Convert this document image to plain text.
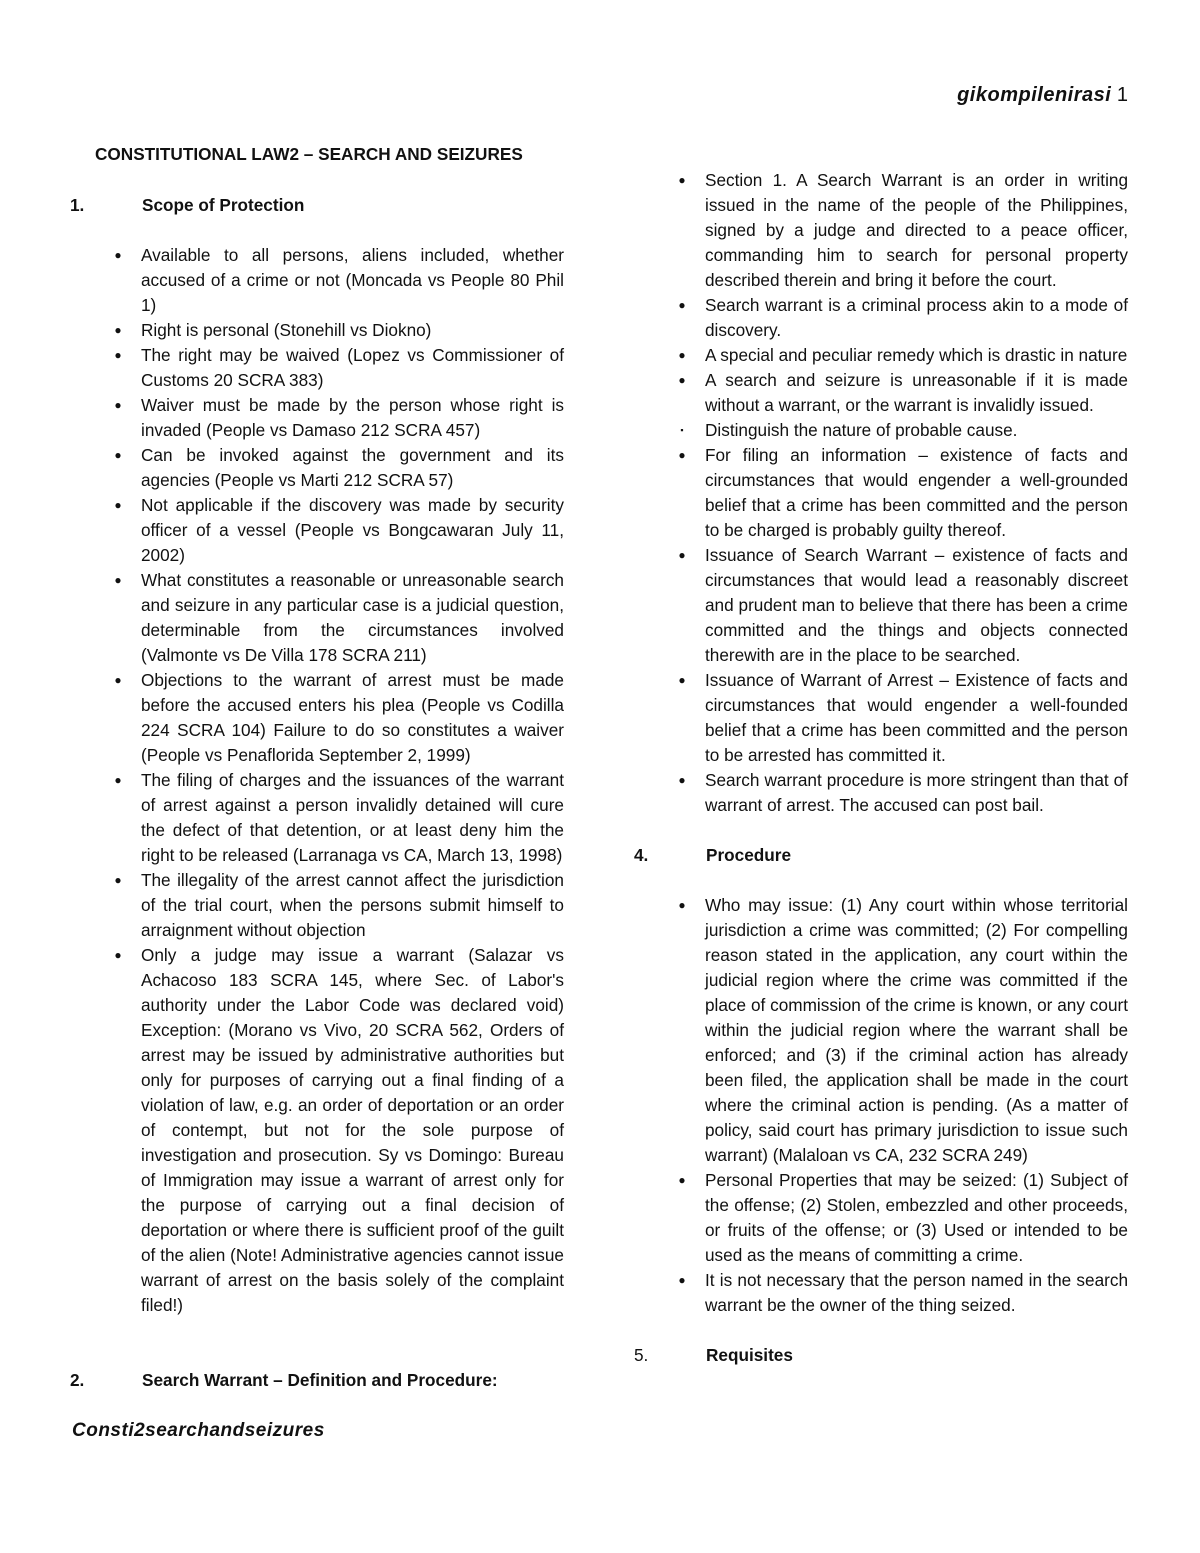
gikompilenirasi 1
CONSTITUTIONAL LAW2 – SEARCH AND SEIZURES
1.	Scope of Protection
●	Available to all persons, aliens included, whether accused of a crime or not (Moncada vs People 80 Phil 1)
●	Right is personal (Stonehill vs Diokno)
●	The right may be waived (Lopez vs Commissioner of Customs 20 SCRA 383)
●	Waiver must be made by the person whose right is invaded (People vs Damaso 212 SCRA 457)
●	Can be invoked against the government and its agencies (People vs Marti 212 SCRA 57)
●	Not applicable if the discovery was made by security officer of a vessel (People vs Bongcawaran July 11, 2002)
●	What constitutes a reasonable or unreasonable search and seizure in any particular case is a judicial question, determinable from the circumstances involved (Valmonte vs De Villa 178 SCRA 211)
●	Objections to the warrant of arrest must be made before the accused enters his plea (People vs Codilla 224 SCRA 104) Failure to do so constitutes a waiver (People vs Penaflorida September 2, 1999)
●	The filing of charges and the issuances of the warrant of arrest against a person invalidly detained will cure the defect of that detention, or at least deny him the right to be released (Larranaga vs CA, March 13, 1998)
●	The illegality of the arrest cannot affect the jurisdiction of the trial court, when the persons submit himself to arraignment without objection
●	Only a judge may issue a warrant (Salazar vs Achacoso 183 SCRA 145, where Sec. of Labor's authority under the Labor Code was declared void) Exception: (Morano vs Vivo, 20 SCRA 562, Orders of arrest may be issued by administrative authorities but only for purposes of carrying out a final finding of a violation of law, e.g. an order of deportation or an order of contempt, but not for the sole purpose of investigation and prosecution. Sy vs Domingo: Bureau of Immigration may issue a warrant of arrest only for the purpose of carrying out a final decision of deportation or where there is sufficient proof of the guilt of the alien (Note! Administrative agencies cannot issue warrant of arrest on the basis solely of the complaint filed!)
2.	Search Warrant – Definition and Procedure:
●	Section 1. A Search Warrant is an order in writing issued in the name of the people of the Philippines, signed by a judge and directed to a peace officer, commanding him to search for personal property described therein and bring it before the court.
●	Search warrant is a criminal process akin to a mode of discovery.
●	A special and peculiar remedy which is drastic in nature
●	A search and seizure is unreasonable if it is made without a warrant, or the warrant is invalidly issued.
▪	Distinguish the nature of probable cause.
●	For filing an information – existence of facts and circumstances that would engender a well-grounded belief that a crime has been committed and the person to be charged is probably guilty thereof.
●	Issuance of Search Warrant – existence of facts and circumstances that would lead a reasonably discreet and prudent man to believe that there has been a crime committed and the things and objects connected therewith are in the place to be searched.
●	Issuance of Warrant of Arrest – Existence of facts and circumstances that would engender a well-founded belief that a crime has been committed and the person to be arrested has committed it.
●	Search warrant procedure is more stringent than that of warrant of arrest. The accused can post bail.
4.	Procedure
●	Who may issue: (1) Any court within whose territorial jurisdiction a crime was committed; (2) For compelling reason stated in the application, any court within the judicial region where the crime was committed if the place of commission of the crime is known, or any court within the judicial region where the warrant shall be enforced; and (3) if the criminal action has already been filed, the application shall be made in the court where the criminal action is pending. (As a matter of policy, said court has primary jurisdiction to issue such warrant) (Malaloan vs CA, 232 SCRA 249)
●	Personal Properties that may be seized: (1) Subject of the offense; (2) Stolen, embezzled and other proceeds, or fruits of the offense; or (3) Used or intended to be used as the means of committing a crime.
●	It is not necessary that the person named in the search warrant be the owner of the thing seized.
5.	Requisites
Consti2searchandseizures
